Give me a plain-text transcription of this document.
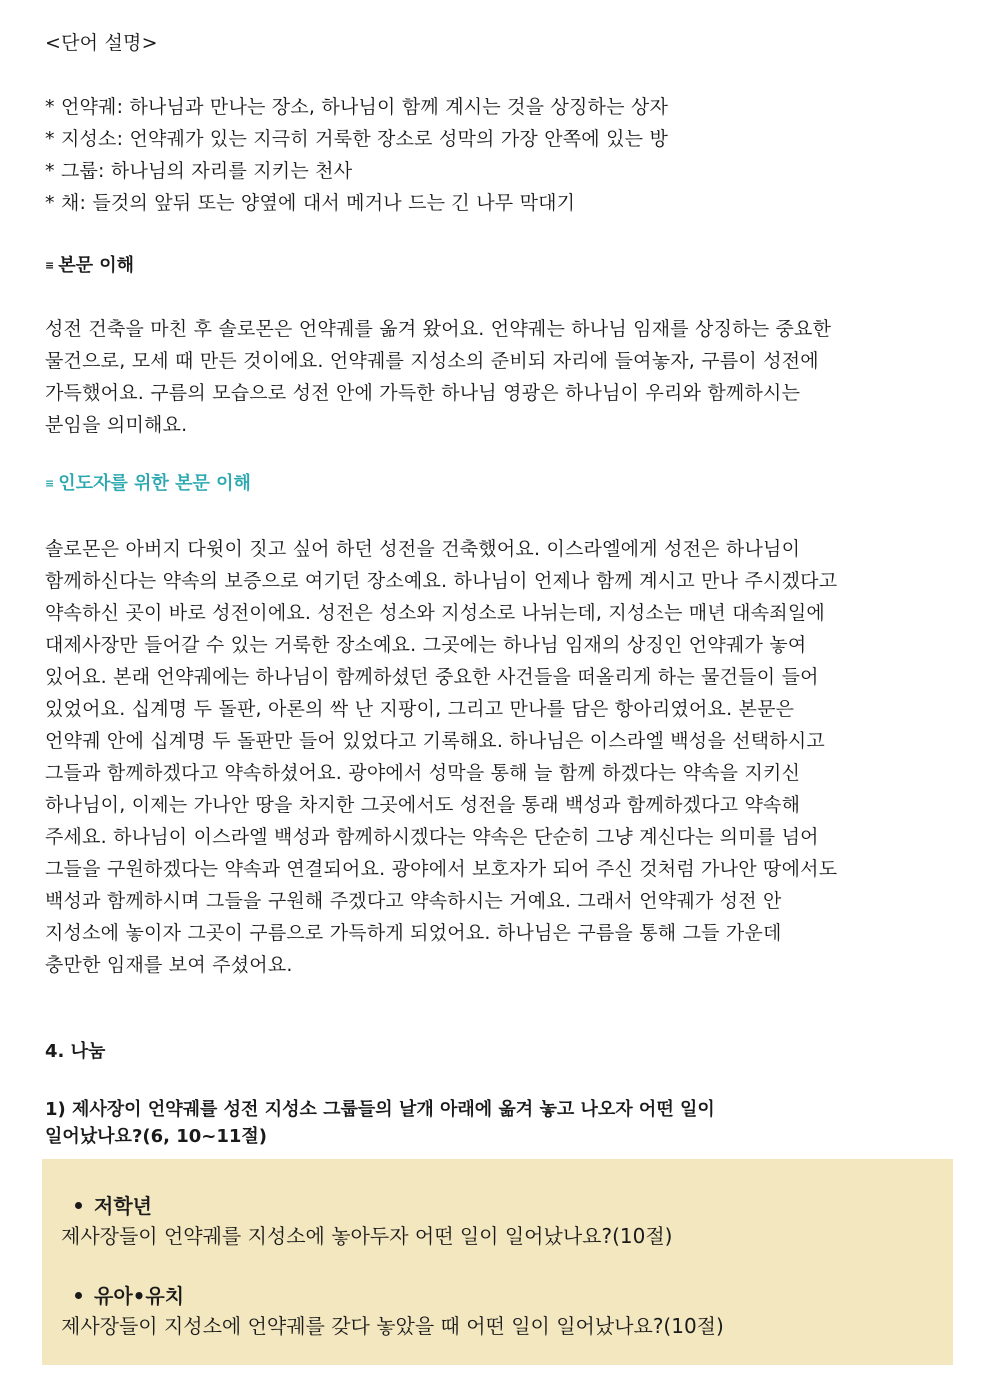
<단어 설명>
* 언약궤: 하나님과 만나는 장소, 하나님이 함께 계시는 것을 상징하는 상자
* 지성소: 언약궤가 있는 지극히 거룩한 장소로 성막의 가장 안쪽에 있는 방
* 그룹: 하나님의 자리를 지키는 천사
* 채: 들것의 앞뒤 또는 양옆에 대서 메거나 드는 긴 나무 막대기
≡ 본문 이해
성전 건축을 마친 후 솔로몬은 언약궤를 옮겨 왔어요. 언약궤는 하나님 임재를 상징하는 중요한
물건으로, 모세 때 만든 것이에요. 언약궤를 지성소의 준비되 자리에 들여놓자, 구름이 성전에
가득했어요. 구름의 모습으로 성전 안에 가득한 하나님 영광은 하나님이 우리와 함께하시는
분임을 의미해요.
≡ 인도자를 위한 본문 이해
솔로몬은 아버지 다윗이 짓고 싶어 하던 성전을 건축했어요. 이스라엘에게 성전은 하나님이
함께하신다는 약속의 보증으로 여기던 장소예요. 하나님이 언제나 함께 계시고 만나 주시겠다고
약속하신 곳이 바로 성전이에요. 성전은 성소와 지성소로 나뉘는데, 지성소는 매년 대속죄일에
대제사장만 들어갈 수 있는 거룩한 장소예요. 그곳에는 하나님 임재의 상징인 언약궤가 놓여
있어요. 본래 언약궤에는 하나님이 함께하셨던 중요한 사건들을 떠올리게 하는 물건들이 들어
있었어요. 십계명 두 돌판, 아론의 싹 난 지팡이, 그리고 만나를 담은 항아리였어요. 본문은
언약궤 안에 십계명 두 돌판만 들어 있었다고 기록해요. 하나님은 이스라엘 백성을 선택하시고
그들과 함께하겠다고 약속하셨어요. 광야에서 성막을 통해 늘 함께 하겠다는 약속을 지키신
하나님이, 이제는 가나안 땅을 차지한 그곳에서도 성전을 통래 백성과 함께하겠다고 약속해
주세요. 하나님이 이스라엘 백성과 함께하시겠다는 약속은 단순히 그냥 계신다는 의미를 넘어
그들을 구원하겠다는 약속과 연결되어요. 광야에서 보호자가 되어 주신 것처럼 가나안 땅에서도
백성과 함께하시며 그들을 구원해 주겠다고 약속하시는 거예요. 그래서 언약궤가 성전 안
지성소에 놓이자 그곳이 구름으로 가득하게 되었어요. 하나님은 구름을 통해 그들 가운데
충만한 임재를 보여 주셨어요.
4. 나눔
1) 제사장이 언약궤를 성전 지성소 그룹들의 날개 아래에 옮겨 놓고 나오자 어떤 일이
일어났나요?(6, 10~11절)
저학년
제사장들이 언약궤를 지성소에 놓아두자 어떤 일이 일어났나요?(10절)
유아•유치
제사장들이 지성소에 언약궤를 갖다 놓았을 때 어떤 일이 일어났나요?(10절)
